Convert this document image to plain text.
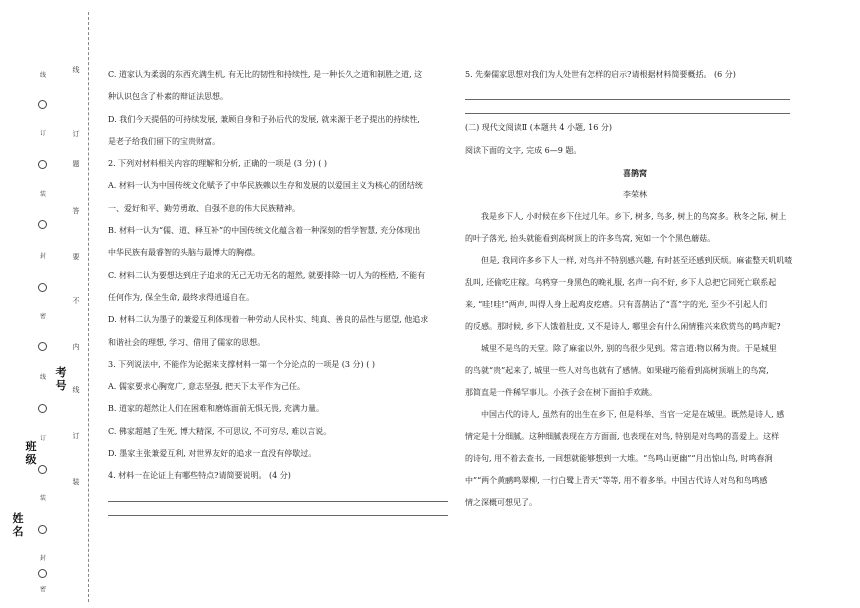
线
订
题
答
要
不
内
线
订
装
线
订
装
封
密
线
订
装
封
密
考号
班级
姓名

C. 道家认为柔弱的东西充满生机, 有无比的韧性和持续性, 是一种长久之道和制胜之道, 这

种认识包含了朴素的辩证法思想。

D. 我们今天提倡的可持续发展, 兼顾自身和子孙后代的发展, 就来源于老子提出的持续性,

是老子给我们留下的宝贵财富。

2. 下列对材料相关内容的理解和分析, 正确的一项是 (3 分) ( )

A. 材料一认为中国传统文化赋予了中华民族赖以生存和发展的以爱国主义为核心的团结统

一、爱好和平、勤劳勇敢、自强不息的伟大民族精神。

B. 材料一认为“儒、道、释互补”的中国传统文化蕴含着一种深刻的哲学智慧, 充分体现出

中华民族有最睿智的头脑与最博大的胸襟。

C. 材料二认为要想达到庄子追求的无己无功无名的超然, 就要排除一切人为的桎梏, 不能有

任何作为, 保全生命, 最终求得逍遥自在。

D. 材料二认为墨子的兼爱互利体现着一种劳动人民朴实、纯真、善良的品性与愿望, 他追求

和谐社会的理想, 学习、借用了儒家的思想。

3. 下列说法中, 不能作为论据来支撑材料一第一个分论点的一项是 (3 分) ( )

A. 儒家要求心胸宽广, 意志坚强, 把天下太平作为己任。

B. 道家的超然让人们在困难和磨炼面前无惧无畏, 充满力量。

C. 佛家超越了生死, 博大精深, 不可思议, 不可穷尽, 难以言说。

D. 墨家主张兼爱互利, 对世界友好的追求一直没有停歇过。

4. 材料一在论证上有哪些特点?请简要说明。 (4 分)

5. 先秦儒家思想对我们为人处世有怎样的启示?请根据材料简要概括。 (6 分)

(二) 现代文阅读Ⅱ (本题共 4 小题, 16 分)

阅读下面的文字, 完成 6—9 题。

喜鹊窝

李荣林

我是乡下人, 小时候在乡下住过几年。乡下, 树多, 鸟多, 树上的鸟窝多。秋冬之际, 树上

的叶子落光, 抬头就能看到高树顶上的许多鸟窝, 宛如一个个黑色蘑菇。

但是, 我同许多乡下人一样, 对鸟并不特别感兴趣, 有时甚至还感到厌烦。麻雀整天叽叽喳

乱叫, 还偷吃庄稼。乌鸦穿一身黑色的晚礼服, 名声一向不好, 乡下人总把它同死亡联系起

来, “哇!哇!”两声, 叫得人身上起鸡皮疙瘩。只有喜鹊沾了“喜”字的光, 至少不引起人们

的反感。那时候, 乡下人饿着肚皮, 又不是诗人, 哪里会有什么闲情雅兴来欣赏鸟的鸣声呢?

城里不是鸟的天堂。除了麻雀以外, 别的鸟很少见到。常言道:物以稀为贵。于是城里

的鸟就“贵”起来了, 城里一些人对鸟也就有了感情。如果碰巧能看到高树顶端上的鸟窝,

那简直是一件稀罕事儿。小孩子会在树下面拍手欢跳。

中国古代的诗人, 虽然有的出生在乡下, 但是科举、当官一定是在城里。既然是诗人, 感

情定是十分细腻。这种细腻表现在方方面面, 也表现在对鸟, 特别是对鸟鸣的喜爱上。这样

的诗句, 用不着去查书, 一回想就能够想到一大堆。“鸟鸣山更幽”“月出惊山鸟, 时鸣春涧

中”“两个黄鹂鸣翠柳, 一行白鹭上青天”等等, 用不着多举。中国古代诗人对鸟和鸟鸣感

情之深概可想见了。
